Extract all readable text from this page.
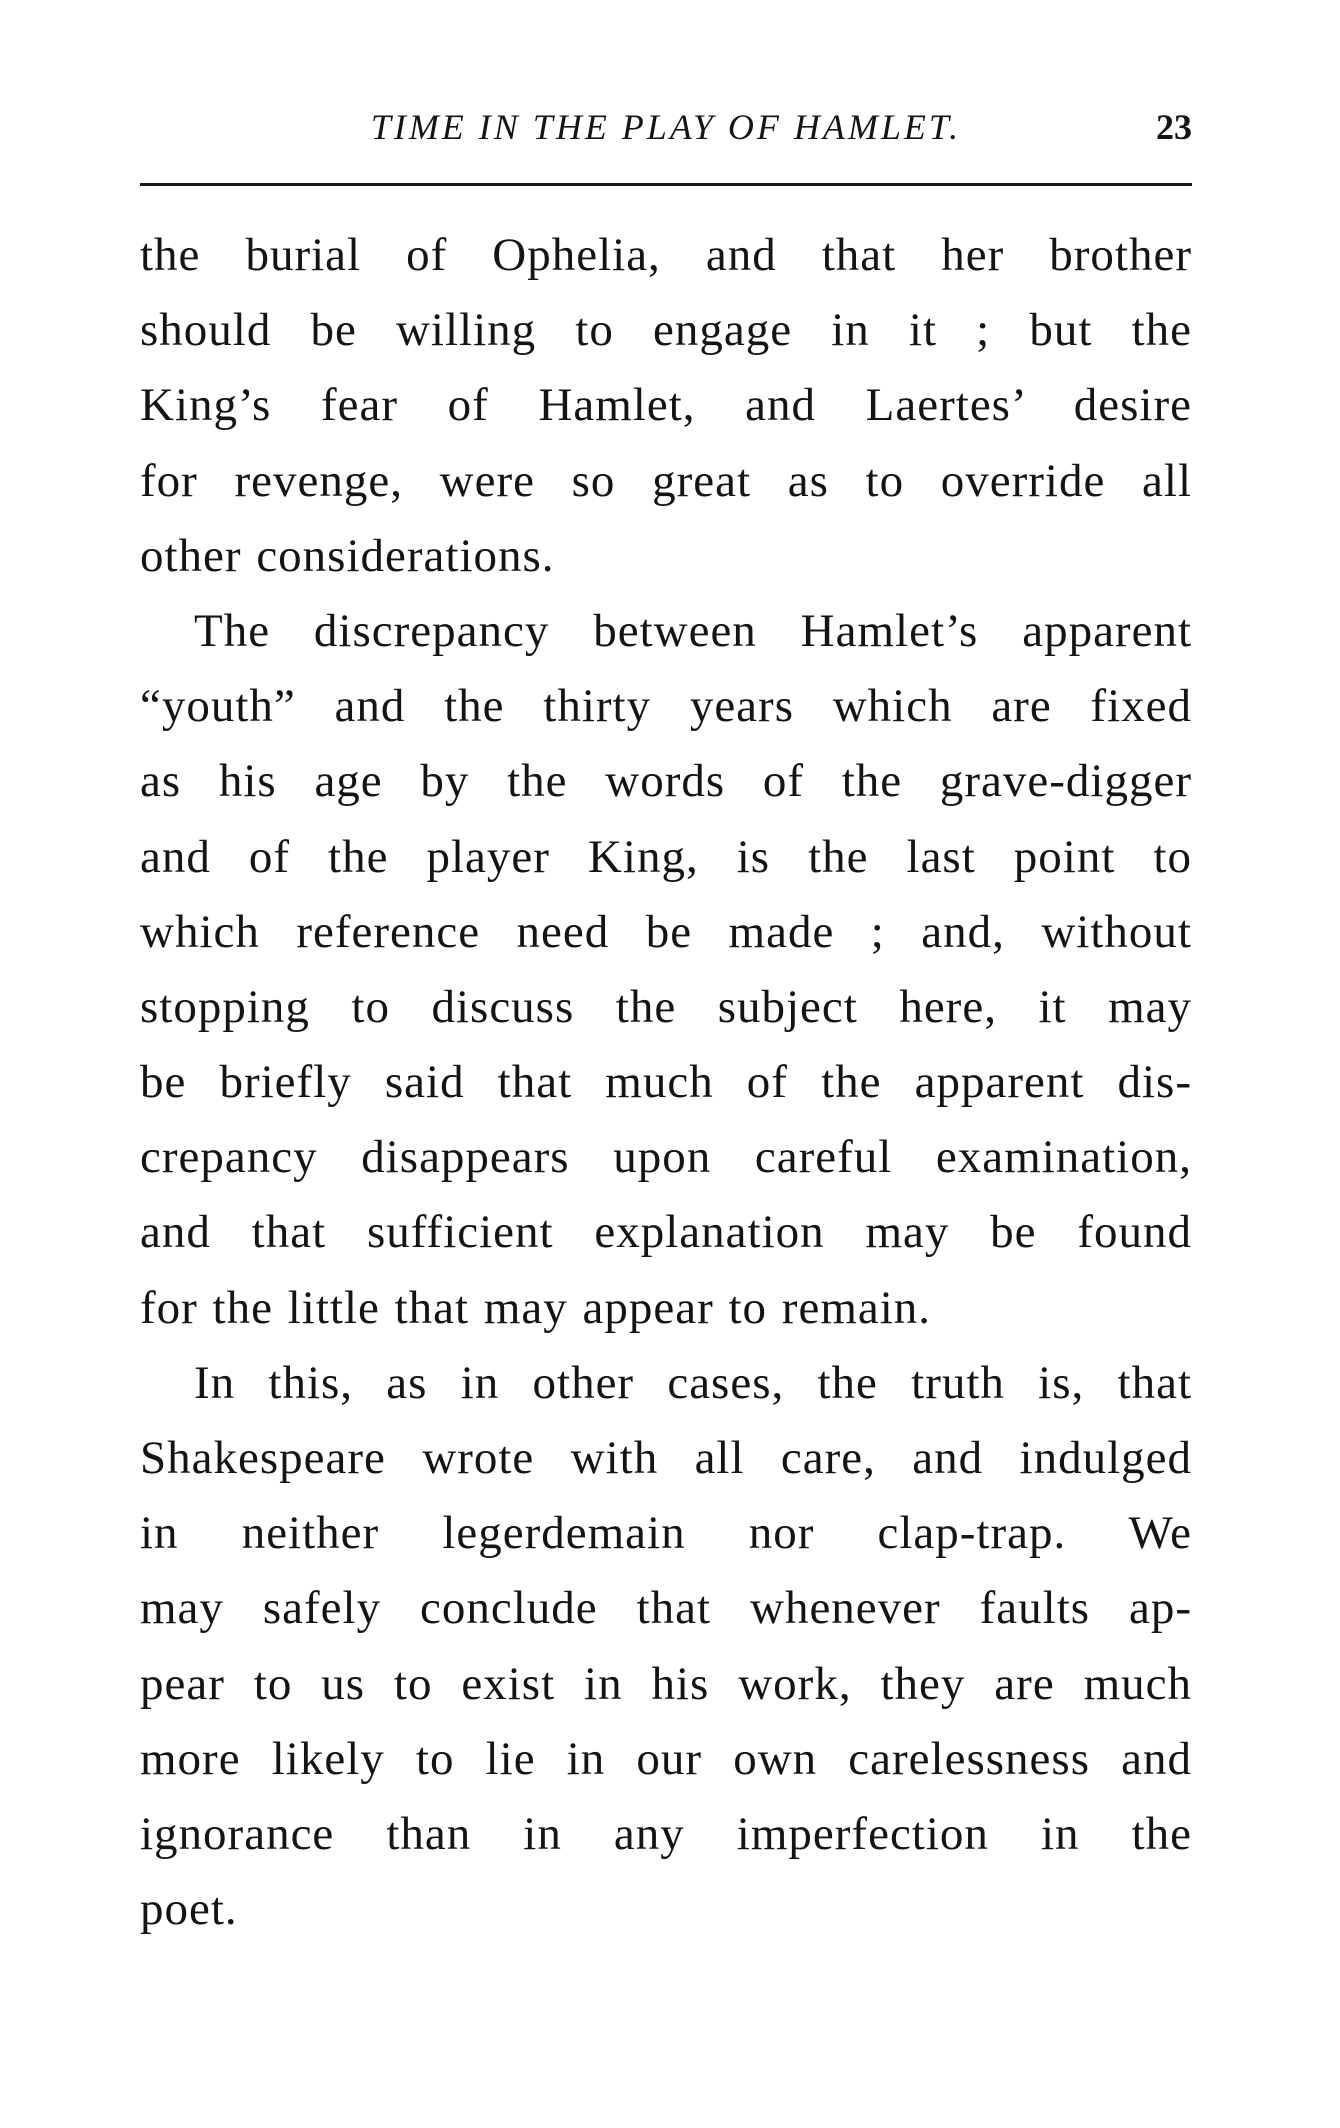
TIME IN THE PLAY OF HAMLET.	23

the burial of Ophelia, and that her brother
should be willing to engage in it ; but the
King’s fear of Hamlet, and Laertes’ desire
for revenge, were so great as to override all
other considerations.

The discrepancy between Hamlet’s apparent
“youth” and the thirty years which are fixed
as his age by the words of the grave-digger
and of the player King, is the last point to
which reference need be made ; and, without
stopping to discuss the subject here, it may
be briefly said that much of the apparent dis-
crepancy disappears upon careful examination,
and that sufficient explanation may be found
for the little that may appear to remain.

In this, as in other cases, the truth is, that
Shakespeare wrote with all care, and indulged
in neither legerdemain nor clap-trap. We
may safely conclude that whenever faults ap-
pear to us to exist in his work, they are much
more likely to lie in our own carelessness and
ignorance than in any imperfection in the
poet.
